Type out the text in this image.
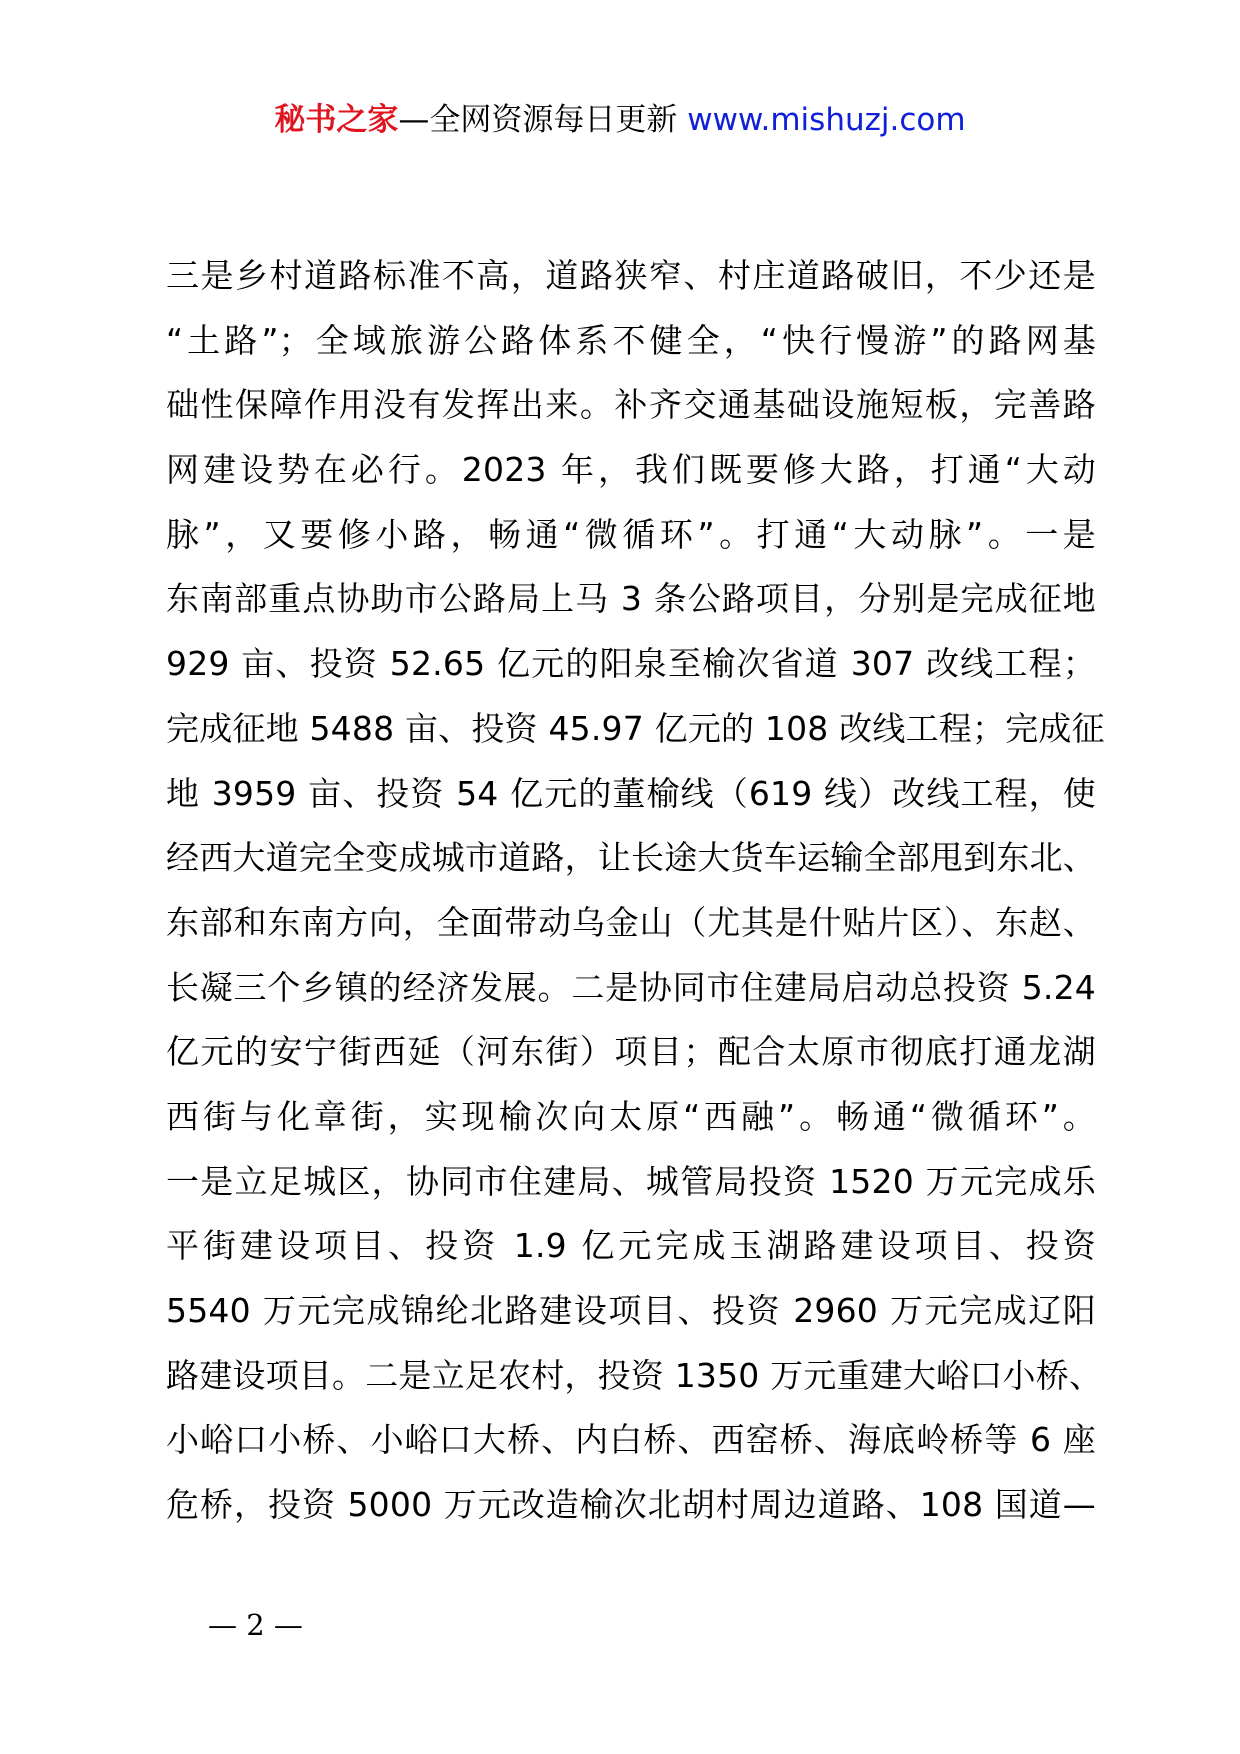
秘书之家—全网资源每日更新 www.mishuzj.com
三是乡村道路标准不高，道路狭窄、村庄道路破旧，不少还是
“土路”；全域旅游公路体系不健全，“快行慢游”的路网基
础性保障作用没有发挥出来。补齐交通基础设施短板，完善路
网建设势在必行。2023 年，我们既要修大路，打通“大动
脉”，又要修小路，畅通“微循环”。打通“大动脉”。一是
东南部重点协助市公路局上马 3 条公路项目，分别是完成征地
929 亩、投资 52.65 亿元的阳泉至榆次省道 307 改线工程；
完成征地 5488 亩、投资 45.97 亿元的 108 改线工程；完成征
地 3959 亩、投资 54 亿元的董榆线（619 线）改线工程，使
经西大道完全变成城市道路，让长途大货车运输全部甩到东北、
东部和东南方向，全面带动乌金山（尤其是什贴片区）、东赵、
长凝三个乡镇的经济发展。二是协同市住建局启动总投资 5.24
亿元的安宁街西延（河东街）项目；配合太原市彻底打通龙湖
西街与化章街，实现榆次向太原“西融”。畅通“微循环”。
一是立足城区，协同市住建局、城管局投资 1520 万元完成乐
平街建设项目、投资 1.9 亿元完成玉湖路建设项目、投资
5540 万元完成锦纶北路建设项目、投资 2960 万元完成辽阳
路建设项目。二是立足农村，投资 1350 万元重建大峪口小桥、
小峪口小桥、小峪口大桥、内白桥、西窑桥、海底岭桥等 6 座
危桥，投资 5000 万元改造榆次北胡村周边道路、108 国道—
— 2 —
